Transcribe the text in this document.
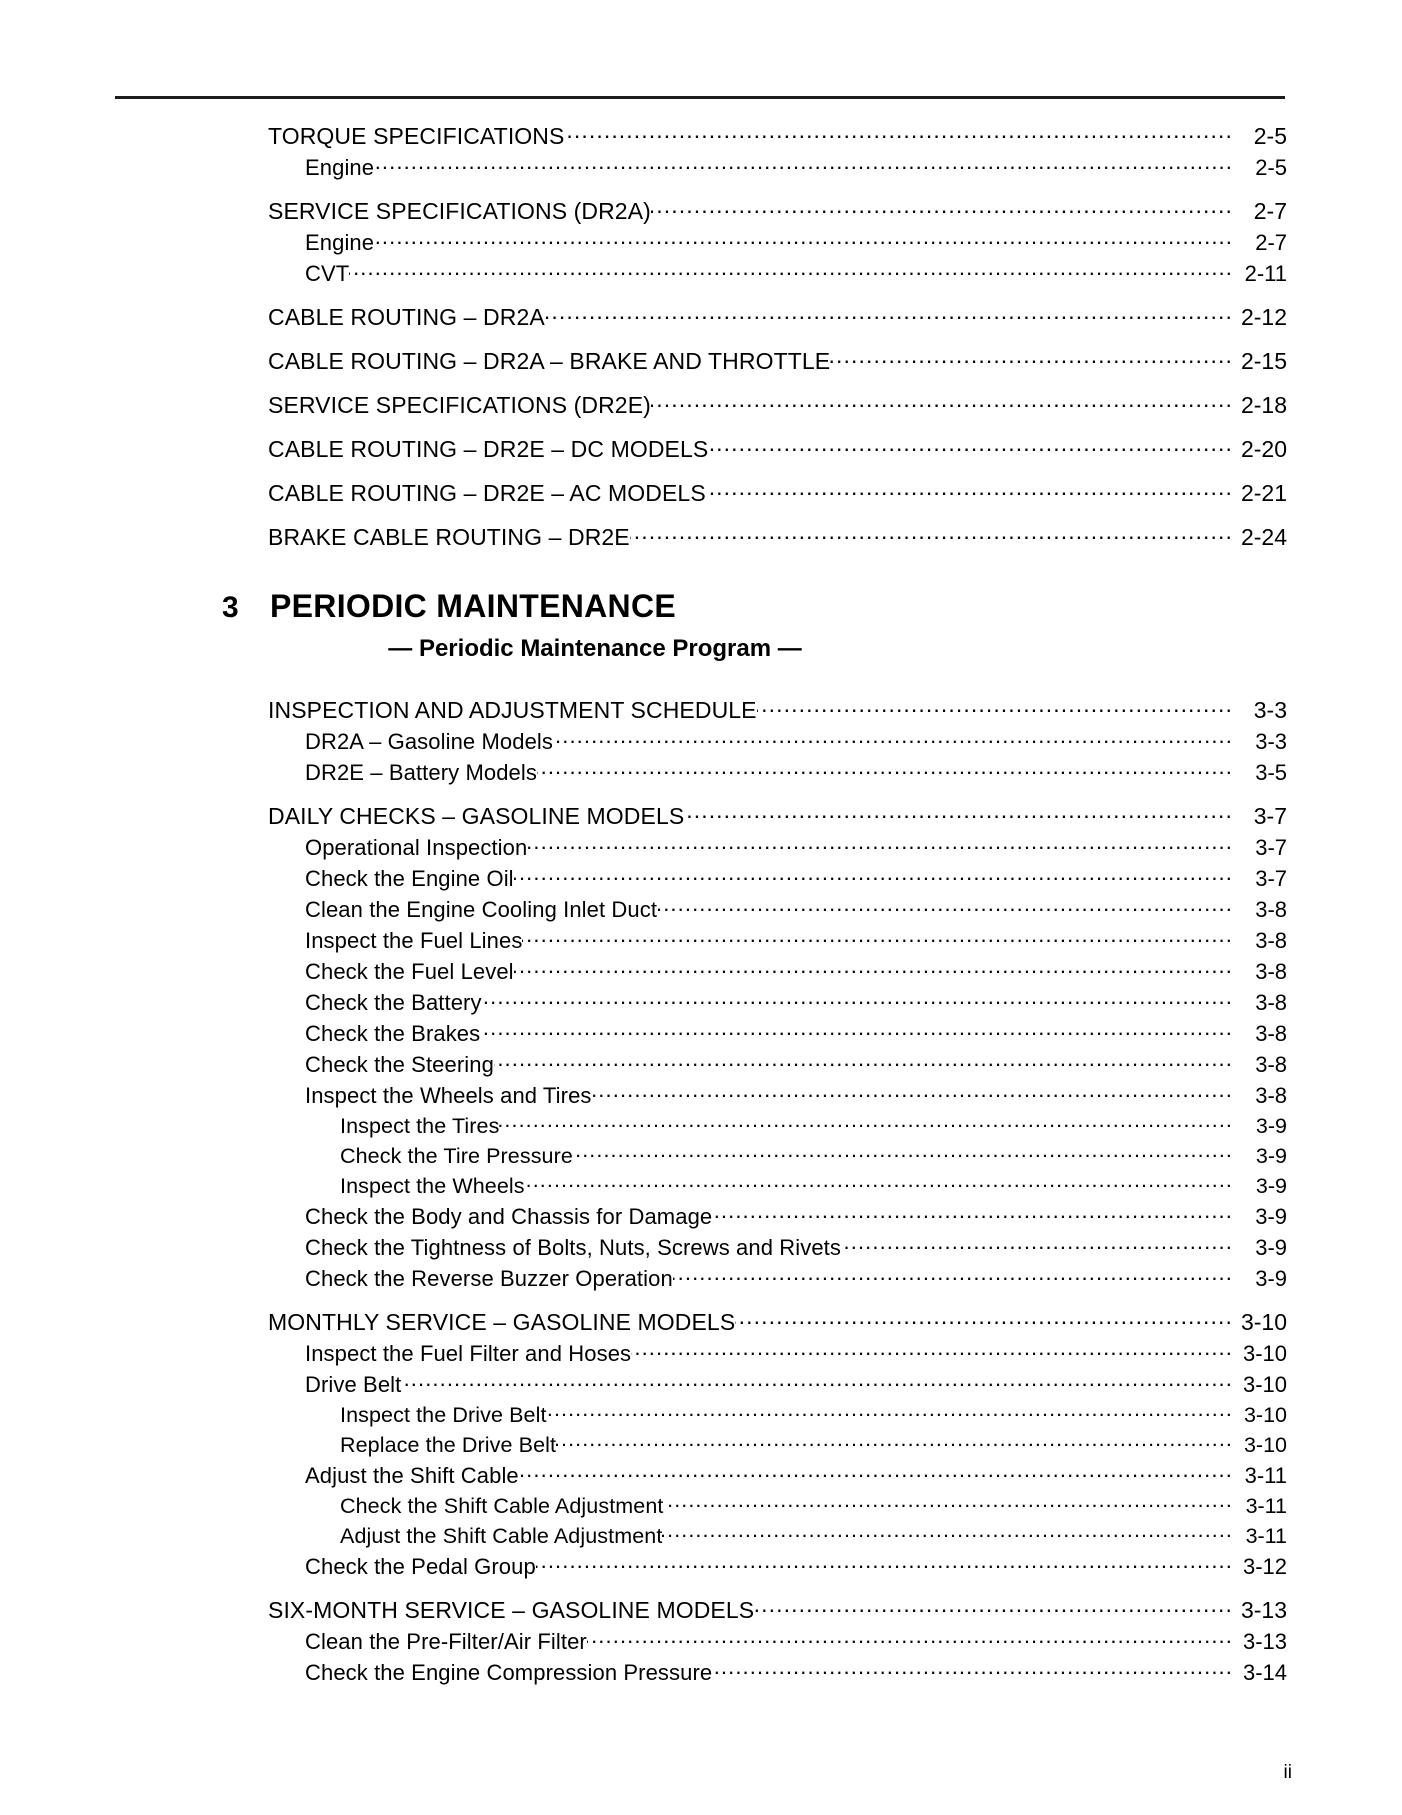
TORQUE SPECIFICATIONS .....	2-5
Engine .....	2-5
SERVICE SPECIFICATIONS (DR2A) .....	2-7
Engine .....	2-7
CVT .....	2-11
CABLE ROUTING – DR2A .....	2-12
CABLE ROUTING – DR2A – BRAKE AND THROTTLE .....	2-15
SERVICE SPECIFICATIONS (DR2E) .....	2-18
CABLE ROUTING – DR2E – DC MODELS .....	2-20
CABLE ROUTING – DR2E – AC MODELS .....	2-21
BRAKE CABLE ROUTING – DR2E .....	2-24
3 PERIODIC MAINTENANCE
— Periodic Maintenance Program —
INSPECTION AND ADJUSTMENT SCHEDULE .....	3-3
DR2A – Gasoline Models .....	3-3
DR2E – Battery Models .....	3-5
DAILY CHECKS – GASOLINE MODELS .....	3-7
Operational Inspection .....	3-7
Check the Engine Oil .....	3-7
Clean the Engine Cooling Inlet Duct .....	3-8
Inspect the Fuel Lines .....	3-8
Check the Fuel Level .....	3-8
Check the Battery .....	3-8
Check the Brakes .....	3-8
Check the Steering .....	3-8
Inspect the Wheels and Tires .....	3-8
Inspect the Tires .....	3-9
Check the Tire Pressure .....	3-9
Inspect the Wheels .....	3-9
Check the Body and Chassis for Damage .....	3-9
Check the Tightness of Bolts, Nuts, Screws and Rivets .....	3-9
Check the Reverse Buzzer Operation .....	3-9
MONTHLY SERVICE – GASOLINE MODELS .....	3-10
Inspect the Fuel Filter and Hoses .....	3-10
Drive Belt .....	3-10
Inspect the Drive Belt .....	3-10
Replace the Drive Belt .....	3-10
Adjust the Shift Cable .....	3-11
Check the Shift Cable Adjustment .....	3-11
Adjust the Shift Cable Adjustment .....	3-11
Check the Pedal Group .....	3-12
SIX-MONTH SERVICE – GASOLINE MODELS .....	3-13
Clean the Pre-Filter/Air Filter .....	3-13
Check the Engine Compression Pressure .....	3-14
ii
